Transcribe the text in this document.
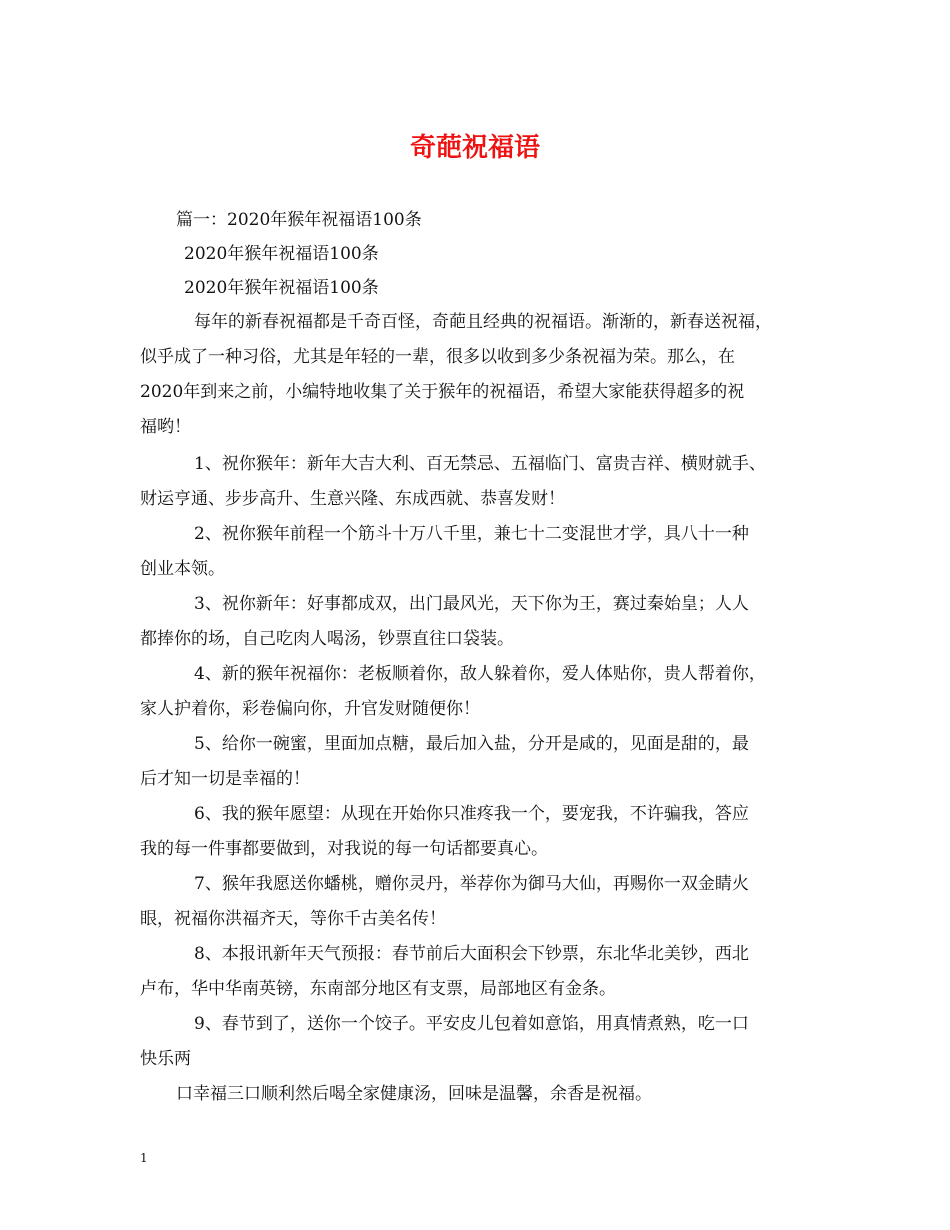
奇葩祝福语
篇一：2020年猴年祝福语100条
2020年猴年祝福语100条
2020年猴年祝福语100条
每年的新春祝福都是千奇百怪，奇葩且经典的祝福语。渐渐的，新春送祝福，
似乎成了一种习俗，尤其是年轻的一辈，很多以收到多少条祝福为荣。那么，在
2020年到来之前，小编特地收集了关于猴年的祝福语，希望大家能获得超多的祝
福哟！
1、祝你猴年：新年大吉大利、百无禁忌、五福临门、富贵吉祥、横财就手、
财运亨通、步步高升、生意兴隆、东成西就、恭喜发财！
2、祝你猴年前程一个筋斗十万八千里，兼七十二变混世才学，具八十一种
创业本领。
3、祝你新年：好事都成双，出门最风光，天下你为王，赛过秦始皇；人人
都捧你的场，自己吃肉人喝汤，钞票直往口袋装。
4、新的猴年祝福你：老板顺着你，敌人躲着你，爱人体贴你，贵人帮着你，
家人护着你，彩卷偏向你，升官发财随便你！
5、给你一碗蜜，里面加点糖，最后加入盐，分开是咸的，见面是甜的，最
后才知一切是幸福的！
6、我的猴年愿望：从现在开始你只准疼我一个，要宠我，不许骗我，答应
我的每一件事都要做到，对我说的每一句话都要真心。
7、猴年我愿送你蟠桃，赠你灵丹，举荐你为御马大仙，再赐你一双金睛火
眼，祝福你洪福齐天，等你千古美名传！
8、本报讯新年天气预报：春节前后大面积会下钞票，东北华北美钞，西北
卢布，华中华南英镑，东南部分地区有支票，局部地区有金条。
9、春节到了，送你一个饺子。平安皮儿包着如意馅，用真情煮熟，吃一口
快乐两
口幸福三口顺利然后喝全家健康汤，回味是温馨，余香是祝福。
1
